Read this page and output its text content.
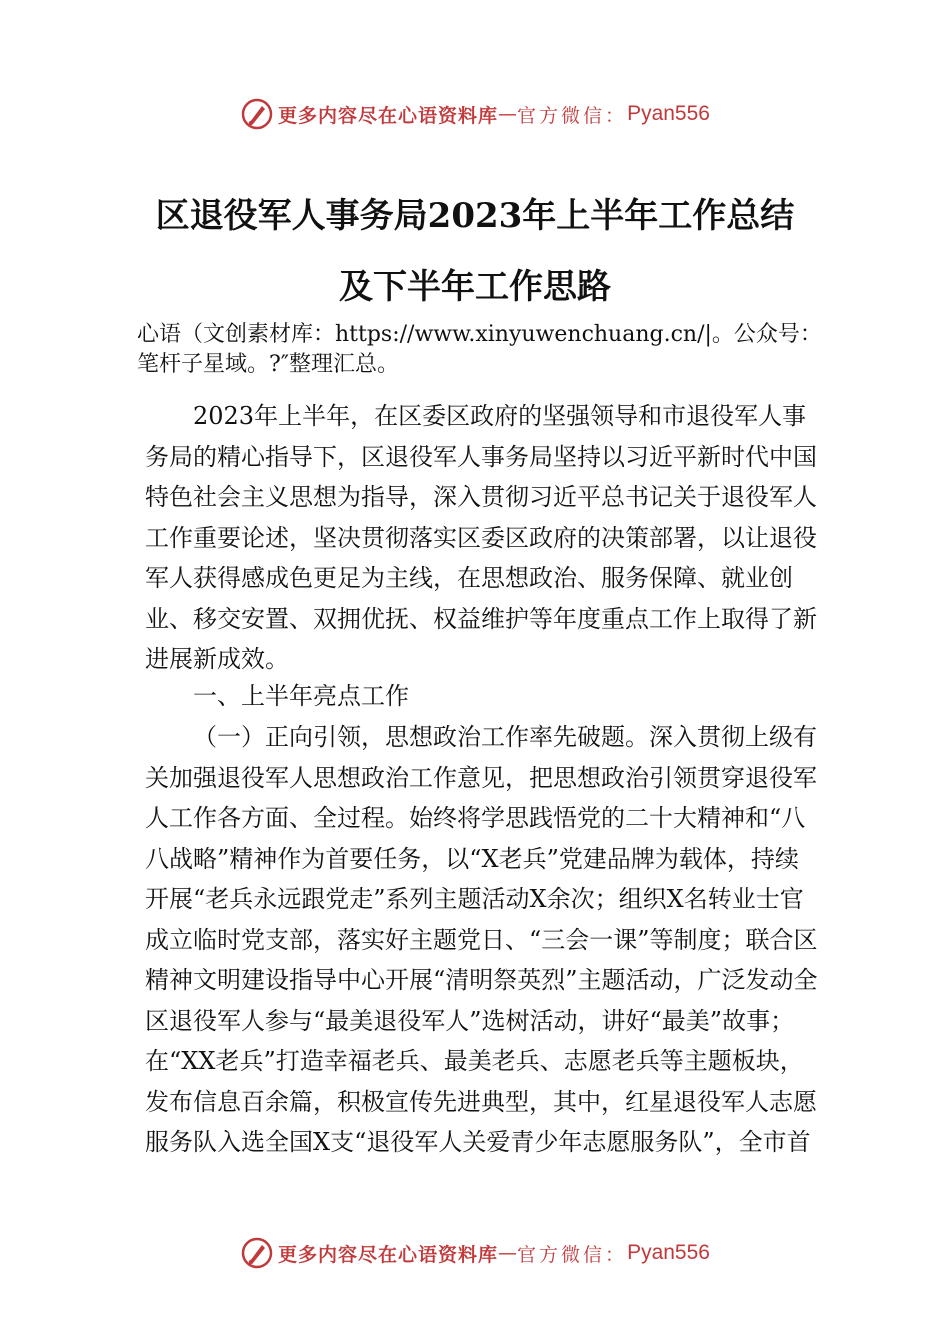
更多内容尽在心语资料库 — 官方微信： Pyan556
区退役军人事务局2023年上半年工作总结
及下半年工作思路
心语（文创素材库：https://www.xinyuwenchuang.cn/|。公众号：笔杆子星域。?″整理汇总。
2023年上半年，在区委区政府的坚强领导和市退役军人事务局的精心指导下，区退役军人事务局坚持以习近平新时代中国特色社会主义思想为指导，深入贯彻习近平总书记关于退役军人工作重要论述，坚决贯彻落实区委区政府的决策部署，以让退役军人获得感成色更足为主线，在思想政治、服务保障、就业创业、移交安置、双拥优抚、权益维护等年度重点工作上取得了新进展新成效。
一、上半年亮点工作
（一）正向引领，思想政治工作率先破题。深入贯彻上级有关加强退役军人思想政治工作意见，把思想政治引领贯穿退役军人工作各方面、全过程。始终将学思践悟党的二十大精神和“八八战略”精神作为首要任务，以“X老兵”党建品牌为载体，持续开展“老兵永远跟党走”系列主题活动X余次；组织X名转业士官成立临时党支部，落实好主题党日、“三会一课”等制度；联合区精神文明建设指导中心开展“清明祭英烈”主题活动，广泛发动全区退役军人参与“最美退役军人”选树活动，讲好“最美”故事；在“XX老兵”打造幸福老兵、最美老兵、志愿老兵等主题板块，发布信息百余篇，积极宣传先进典型，其中，红星退役军人志愿服务队入选全国X支“退役军人关爱青少年志愿服务队”，全市首
更多内容尽在心语资料库 — 官方微信： Pyan556
